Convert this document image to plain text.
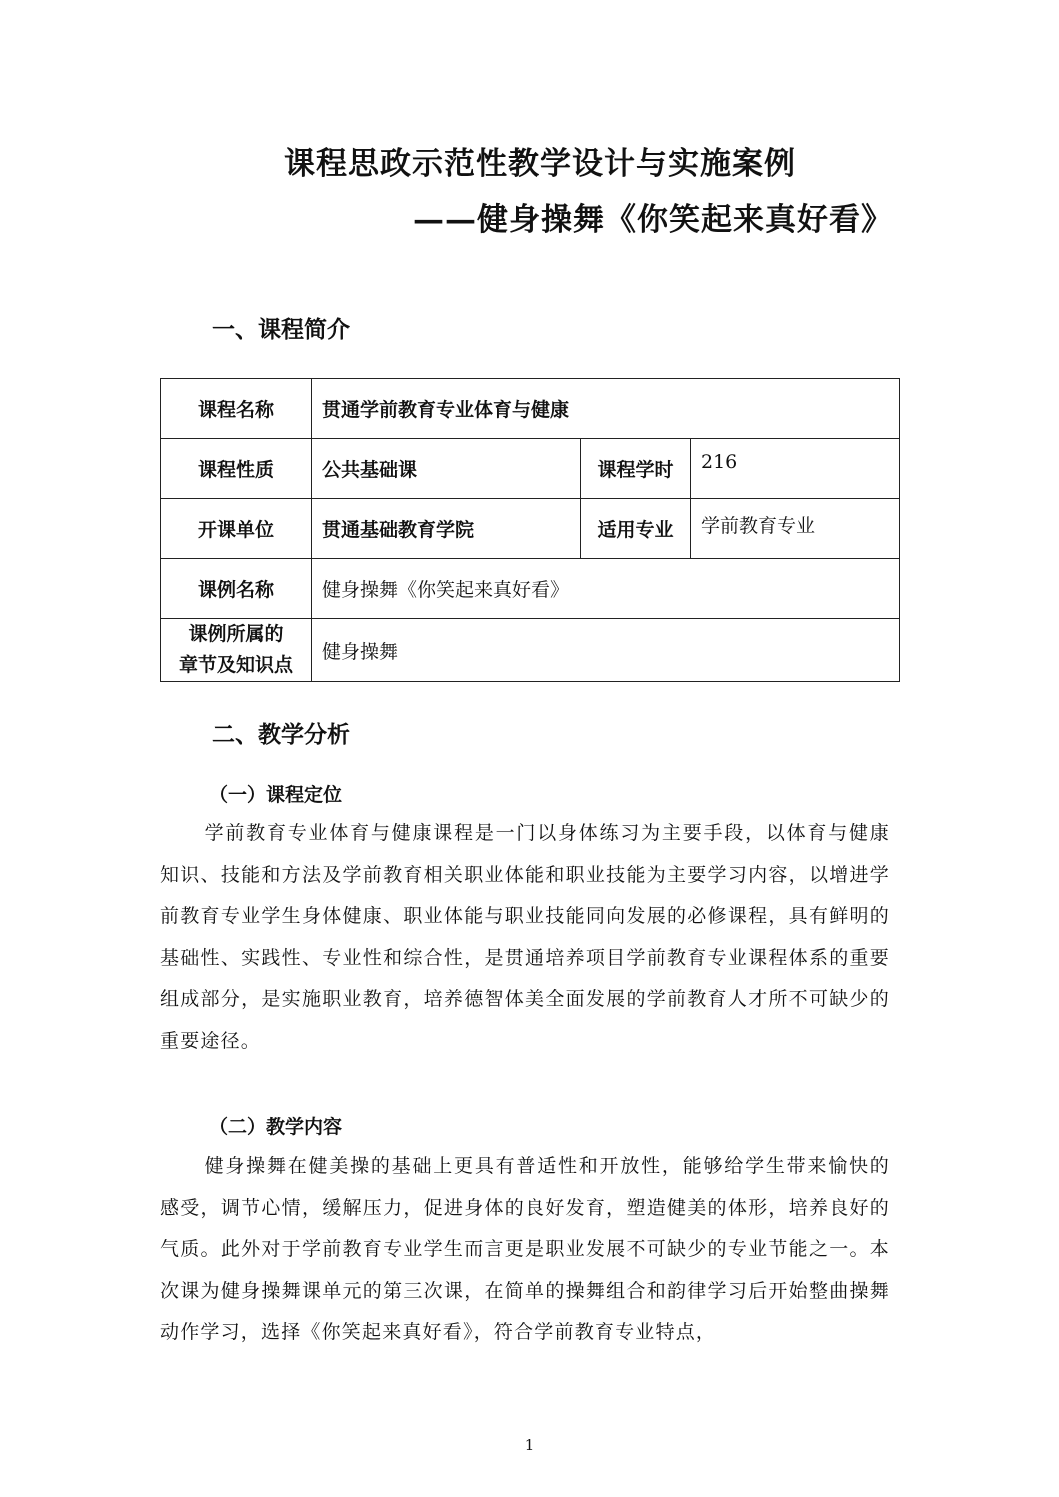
课程思政示范性教学设计与实施案例
——健身操舞《你笑起来真好看》
一、课程简介
课程名称	贯通学前教育专业体育与健康		
课程性质	公共基础课	课程学时	216
开课单位	贯通基础教育学院	适用专业	学前教育专业
课例名称	健身操舞《你笑起来真好看》		

课例所属的
章节及知识点	健身操舞		
二、教学分析
（一）课程定位
学前教育专业体育与健康课程是一门以身体练习为主要手段，以体育与健康知识、技能和方法及学前教育相关职业体能和职业技能为主要学习内容，以增进学前教育专业学生身体健康、职业体能与职业技能同向发展的必修课程，具有鲜明的基础性、实践性、专业性和综合性，是贯通培养项目学前教育专业课程体系的重要组成部分，是实施职业教育，培养德智体美全面发展的学前教育人才所不可缺少的重要途径。
（二）教学内容
健身操舞在健美操的基础上更具有普适性和开放性，能够给学生带来愉快的感受，调节心情，缓解压力，促进身体的良好发育，塑造健美的体形，培养良好的气质。此外对于学前教育专业学生而言更是职业发展不可缺少的专业节能之一。本次课为健身操舞课单元的第三次课，在简单的操舞组合和韵律学习后开始整曲操舞动作学习，选择《你笑起来真好看》，符合学前教育专业特点，
1
